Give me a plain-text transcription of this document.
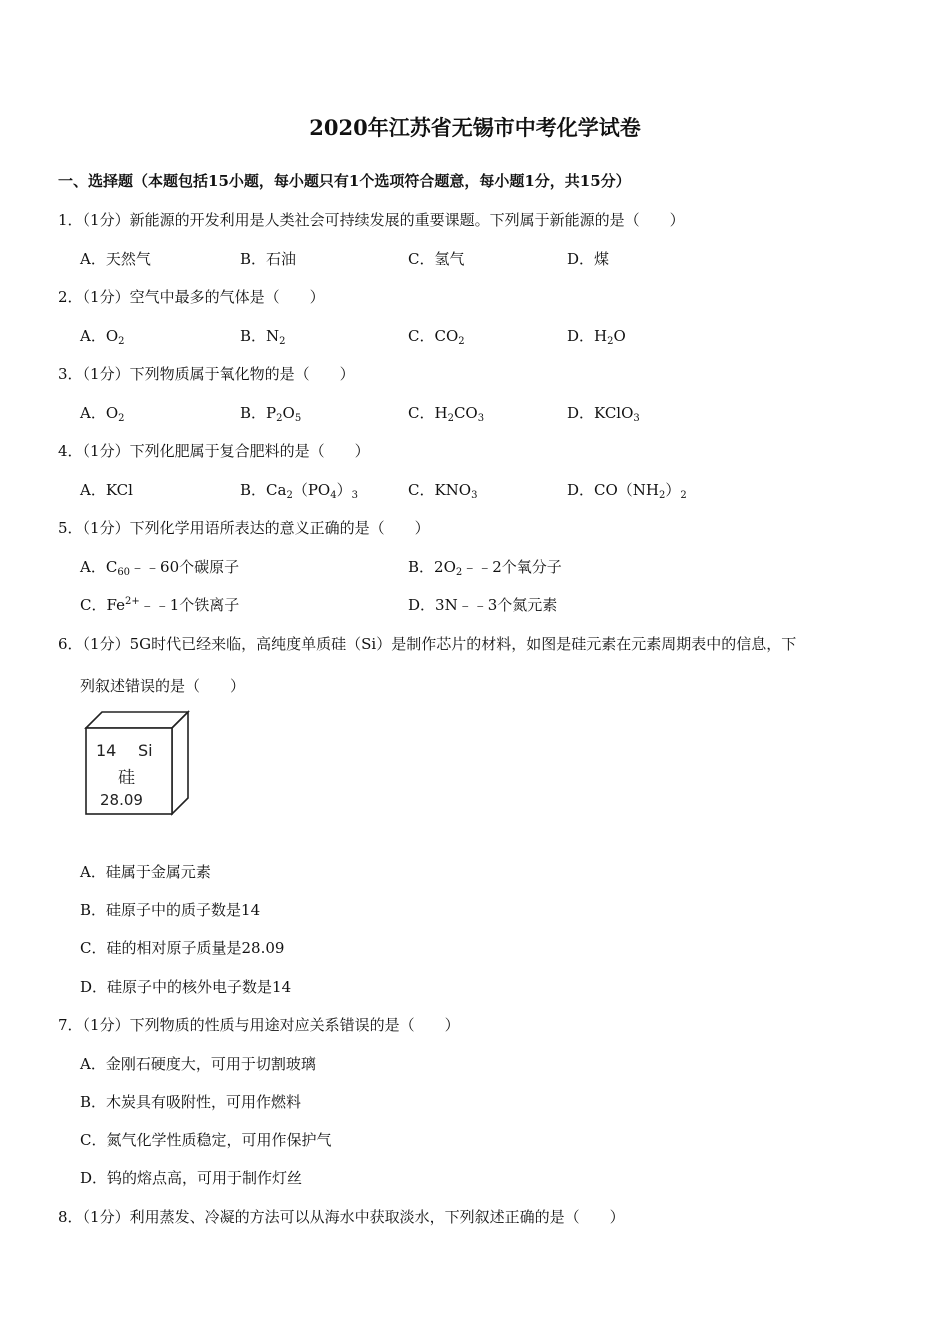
2020年江苏省无锡市中考化学试卷
一、选择题（本题包括15小题，每小题只有1个选项符合题意，每小题1分，共15分）
1．（1分）新能源的开发利用是人类社会可持续发展的重要课题。下列属于新能源的是（　　）
A．天然气	B．石油	C．氢气	D．煤
2．（1分）空气中最多的气体是（　　）
A．$O_2$	B．$N_2$	C．$CO_2$	D．$H_2O$
3．（1分）下列物质属于氧化物的是（　　）
A．$O_2$	B．$P_2O_5$	C．$H_2CO_3$	D．KClO$_3$
4．（1分）下列化肥属于复合肥料的是（　　）
A．KCl	B．$Ca_2(PO_4)_3$	C．$KNO_3$	D．$CO(NH_2)_2$
5．（1分）下列化学用语所表达的意义正确的是（　　）
A．$C_{60}﹣﹣60$个碳原子	B．$2O_2﹣﹣2$个氧分子
C．$Fe^{2+}﹣﹣1$个铁离子	D．3N﹣﹣3个氮元素
6．（1分）5G时代已经来临，高纯度单质硅（Si）是制作芯片的材料，如图是硅元素在元素周期表中的信息，下
列叙述错误的是（　　）
14 Si
硅
28.09
A．硅属于金属元素
B．硅原子中的质子数是14
C．硅的相对原子质量是28.09
D．硅原子中的核外电子数是14
7．（1分）下列物质的性质与用途对应关系错误的是（　　）
A．金刚石硬度大，可用于切割玻璃
B．木炭具有吸附性，可用作燃料
C．氮气化学性质稳定，可用作保护气
D．钨的熔点高，可用于制作灯丝
8．（1分）利用蒸发、冷凝的方法可以从海水中获取淡水，下列叙述正确的是（　　）
